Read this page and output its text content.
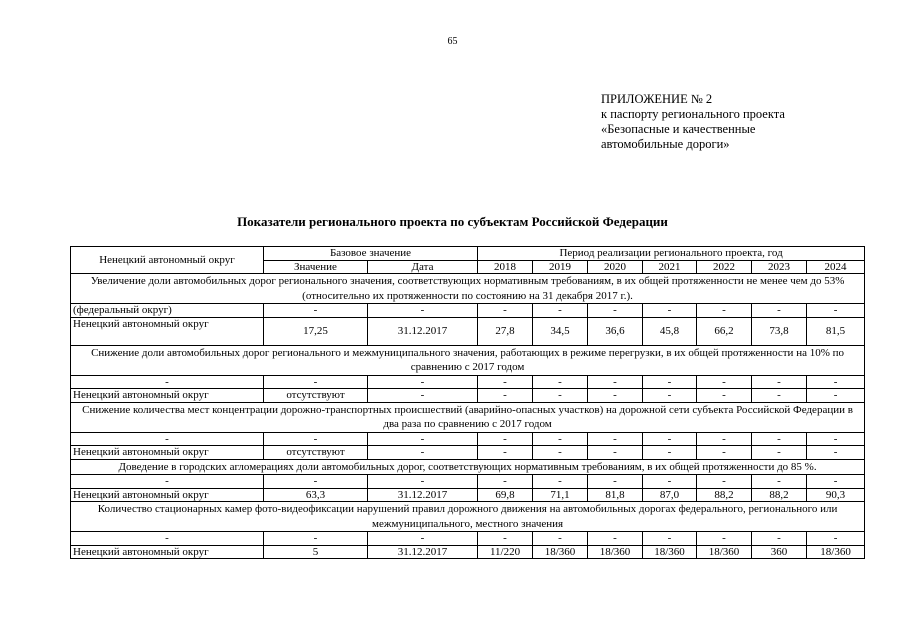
65
ПРИЛОЖЕНИЕ № 2
к паспорту регионального проекта
«Безопасные и качественные
автомобильные дороги»
Показатели регионального проекта по субъектам Российской Федерации
Ненецкий автономный округ	Базовое значение		Период реализации регионального проекта, год						
	Значение	Дата	2018	2019	2020	2021	2022	2023	2024
Увеличение доли автомобильных дорог регионального значения, соответствующих нормативным требованиям, в их общей протяженности не менее чем до 53% (относительно их протяженности по состоянию на 31 декабря 2017 г.).									
(федеральный округ)	-	-	-	-	-	-	-	-	-
Ненецкий автономный округ	17,25	31.12.2017	27,8	34,5	36,6	45,8	66,2	73,8	81,5
Снижение доли автомобильных дорог регионального и межмуниципального значения, работающих в режиме перегрузки, в их общей протяженности на 10% по сравнению с 2017 годом									
-	-	-	-	-	-	-	-	-	-
Ненецкий автономный округ	отсутствуют	-	-	-	-	-	-	-	-
Снижение количества мест концентрации дорожно-транспортных происшествий (аварийно-опасных участков) на дорожной сети субъекта Российской Федерации в два раза по сравнению с 2017 годом									
-	-	-	-	-	-	-	-	-	-
Ненецкий автономный округ	отсутствуют	-	-	-	-	-	-	-	-
Доведение в городских агломерациях доли автомобильных дорог, соответствующих нормативным требованиям, в их общей протяженности до 85 %.									
-	-	-	-	-	-	-	-	-	-
Ненецкий автономный округ	63,3	31.12.2017	69,8	71,1	81,8	87,0	88,2	88,2	90,3
Количество стационарных камер фото-видеофиксации нарушений правил дорожного движения на автомобильных дорогах федерального, регионального или межмуниципального, местного значения									
-	-	-	-	-	-	-	-	-	-
Ненецкий автономный округ	5	31.12.2017	11/220	18/360	18/360	18/360	18/360	360	18/360
